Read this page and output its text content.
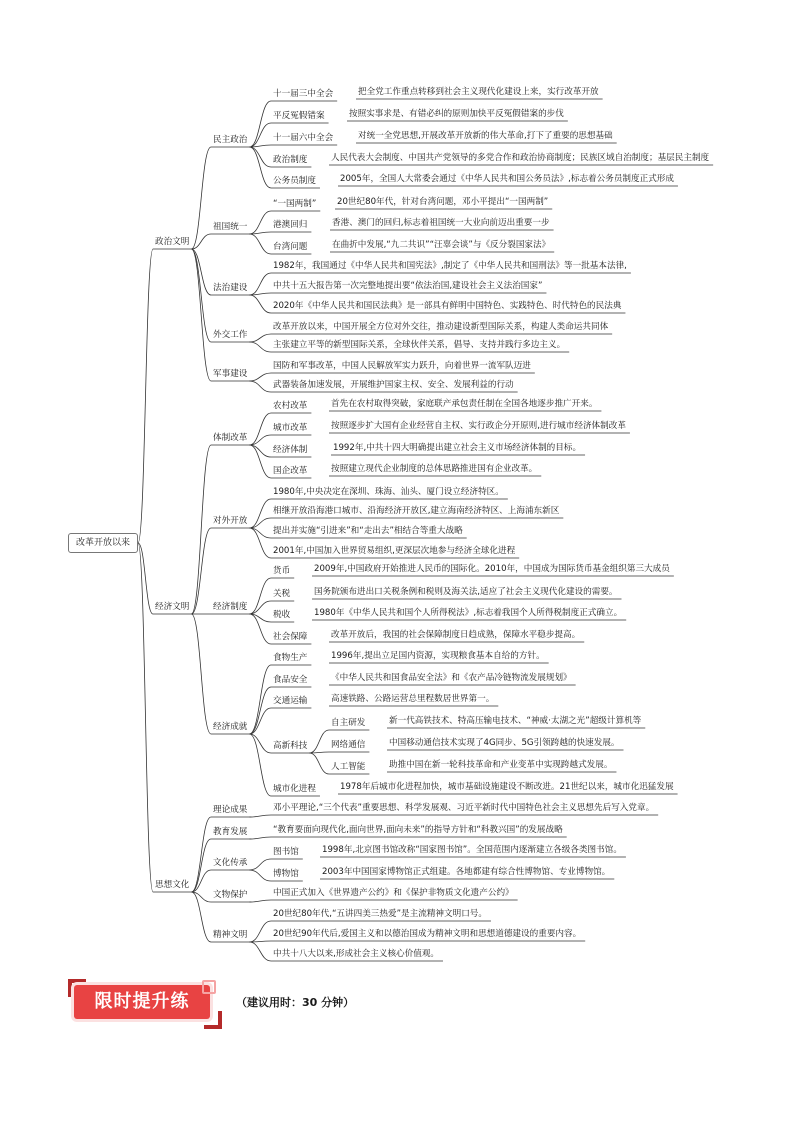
改革开放以来
政治文明
民主政治
十一届三中全会	把全党工作重点转移到社会主义现代化建设上来，实行改革开放
平反冤假错案	按照实事求是、有错必纠的原则加快平反冤假错案的步伐
十一届六中全会	对统一全党思想,开展改革开放新的伟大革命,打下了重要的思想基础
政治制度	人民代表大会制度、中国共产党领导的多党合作和政治协商制度；民族区域自治制度；基层民主制度
公务员制度	2005年，全国人大常委会通过《中华人民共和国公务员法》,标志着公务员制度正式形成
祖国统一
“一国两制” 20世纪80年代，针对台湾问题，邓小平提出“一国两制”
港澳回归	香港、澳门的回归,标志着祖国统一大业向前迈出重要一步
台湾问题	在曲折中发展,“九二共识”“汪辜会谈”与《反分裂国家法》
法治建设
1982年，我国通过《中华人民共和国宪法》,制定了《中华人民共和国刑法》等一批基本法律,
中共十五大报告第一次完整地提出要“依法治国,建设社会主义法治国家”
2020年《中华人民共和国民法典》是一部具有鲜明中国特色、实践特色、时代特色的民法典
外交工作
改革开放以来，中国开展全方位对外交往，推动建设新型国际关系，构建人类命运共同体
主张建立平等的新型国际关系，全球伙伴关系，倡导、支持并践行多边主义。
军事建设
国防和军事改革，中国人民解放军实力跃升，向着世界一流军队迈进
武器装备加速发展，开展维护国家主权、安全、发展利益的行动
经济文明
体制改革
农村改革	首先在农村取得突破，家庭联产承包责任制在全国各地逐步推广开来。
城市改革	按照逐步扩大国有企业经营自主权、实行政企分开原则,进行城市经济体制改革
经济体制	1992年,中共十四大明确提出建立社会主义市场经济体制的目标。
国企改革	按照建立现代企业制度的总体思路推进国有企业改革。
对外开放
1980年,中央决定在深圳、珠海、汕头、厦门设立经济特区。
相继开放沿海港口城市、沿海经济开放区,建立海南经济特区、上海浦东新区
提出并实施“引进来”和“走出去”相结合等重大战略
2001年,中国加入世界贸易组织,更深层次地参与经济全球化进程
经济制度
货币	2009年,中国政府开始推进人民币的国际化。2010年，中国成为国际货币基金组织第三大成员
关税	国务院颁布进出口关税条例和税则及海关法,适应了社会主义现代化建设的需要。
税收	1980年《中华人民共和国个人所得税法》,标志着我国个人所得税制度正式确立。
社会保障	改革开放后，我国的社会保障制度日趋成熟，保障水平稳步提高。
经济成就
食物生产	1996年,提出立足国内资源，实现粮食基本自给的方针。
食品安全	《中华人民共和国食品安全法》和《农产品冷链物流发展规划》
交通运输	高速铁路、公路运营总里程数居世界第一。
高新科技
自主研发	新一代高铁技术、特高压输电技术、“神威·太湖之光”超级计算机等
网络通信	中国移动通信技术实现了4G同步、5G引领跨越的快速发展。
人工智能	助推中国在新一轮科技革命和产业变革中实现跨越式发展。
城市化进程	1978年后城市化进程加快，城市基础设施建设不断改进。21世纪以来，城市化迅猛发展
思想文化
理论成果	邓小平理论,“三个代表”重要思想、科学发展观、习近平新时代中国特色社会主义思想先后写入党章。
教育发展	“教育要面向现代化,面向世界,面向未来”的指导方针和“科教兴国”的发展战略
文化传承
图书馆	1998年,北京图书馆改称“国家图书馆”。全国范围内逐渐建立各级各类图书馆。
博物馆	2003年中国国家博物馆正式组建。各地都建有综合性博物馆、专业博物馆。
文物保护	中国正式加入《世界遗产公约》和《保护非物质文化遗产公约》
精神文明
20世纪80年代,“五讲四美三热爱”是主流精神文明口号。
20世纪90年代后,爱国主义和以德治国成为精神文明和思想道德建设的重要内容。
中共十八大以来,形成社会主义核心价值观。
限时提升练	（建议用时：30 分钟）
